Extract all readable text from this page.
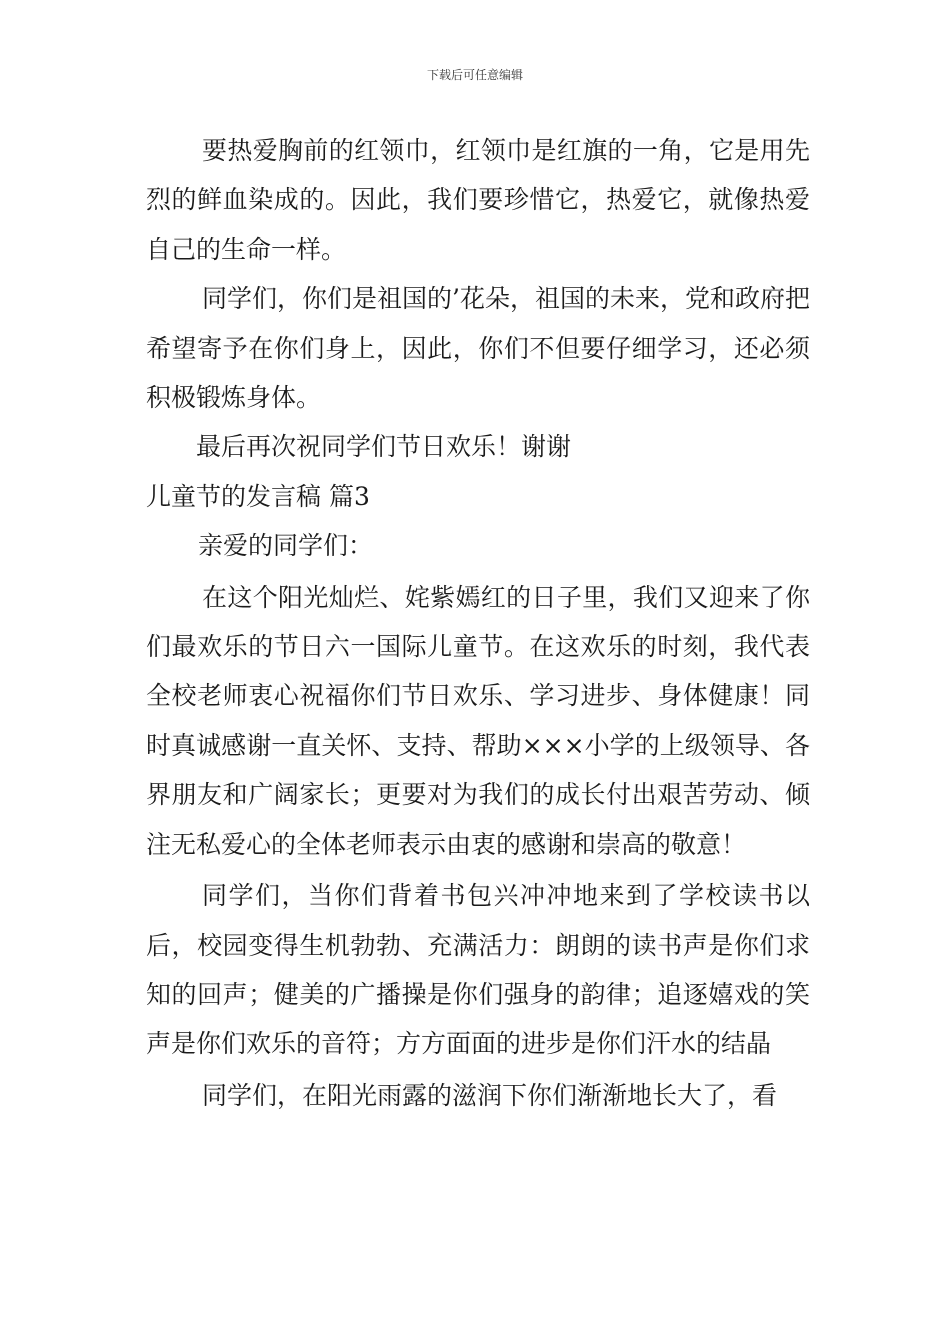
下载后可任意编辑

要热爱胸前的红领巾，红领巾是红旗的一角，它是用先烈的鲜血染成的。因此，我们要珍惜它，热爱它，就像热爱自己的生命一样。

同学们，你们是祖国的’花朵，祖国的未来，党和政府把希望寄予在你们身上，因此，你们不但要仔细学习，还必须积极锻炼身体。

最后再次祝同学们节日欢乐！谢谢

儿童节的发言稿 篇3

亲爱的同学们：

在这个阳光灿烂、姹紫嫣红的日子里，我们又迎来了你们最欢乐的节日六一国际儿童节。在这欢乐的时刻，我代表全校老师衷心祝福你们节日欢乐、学习进步、身体健康！同时真诚感谢一直关怀、支持、帮助×××小学的上级领导、各界朋友和广阔家长；更要对为我们的成长付出艰苦劳动、倾注无私爱心的全体老师表示由衷的感谢和崇高的敬意！

同学们，当你们背着书包兴冲冲地来到了学校读书以后，校园变得生机勃勃、充满活力：朗朗的读书声是你们求知的回声；健美的广播操是你们强身的韵律；追逐嬉戏的笑声是你们欢乐的音符；方方面面的进步是你们汗水的结晶

同学们，在阳光雨露的滋润下你们渐渐地长大了，看
